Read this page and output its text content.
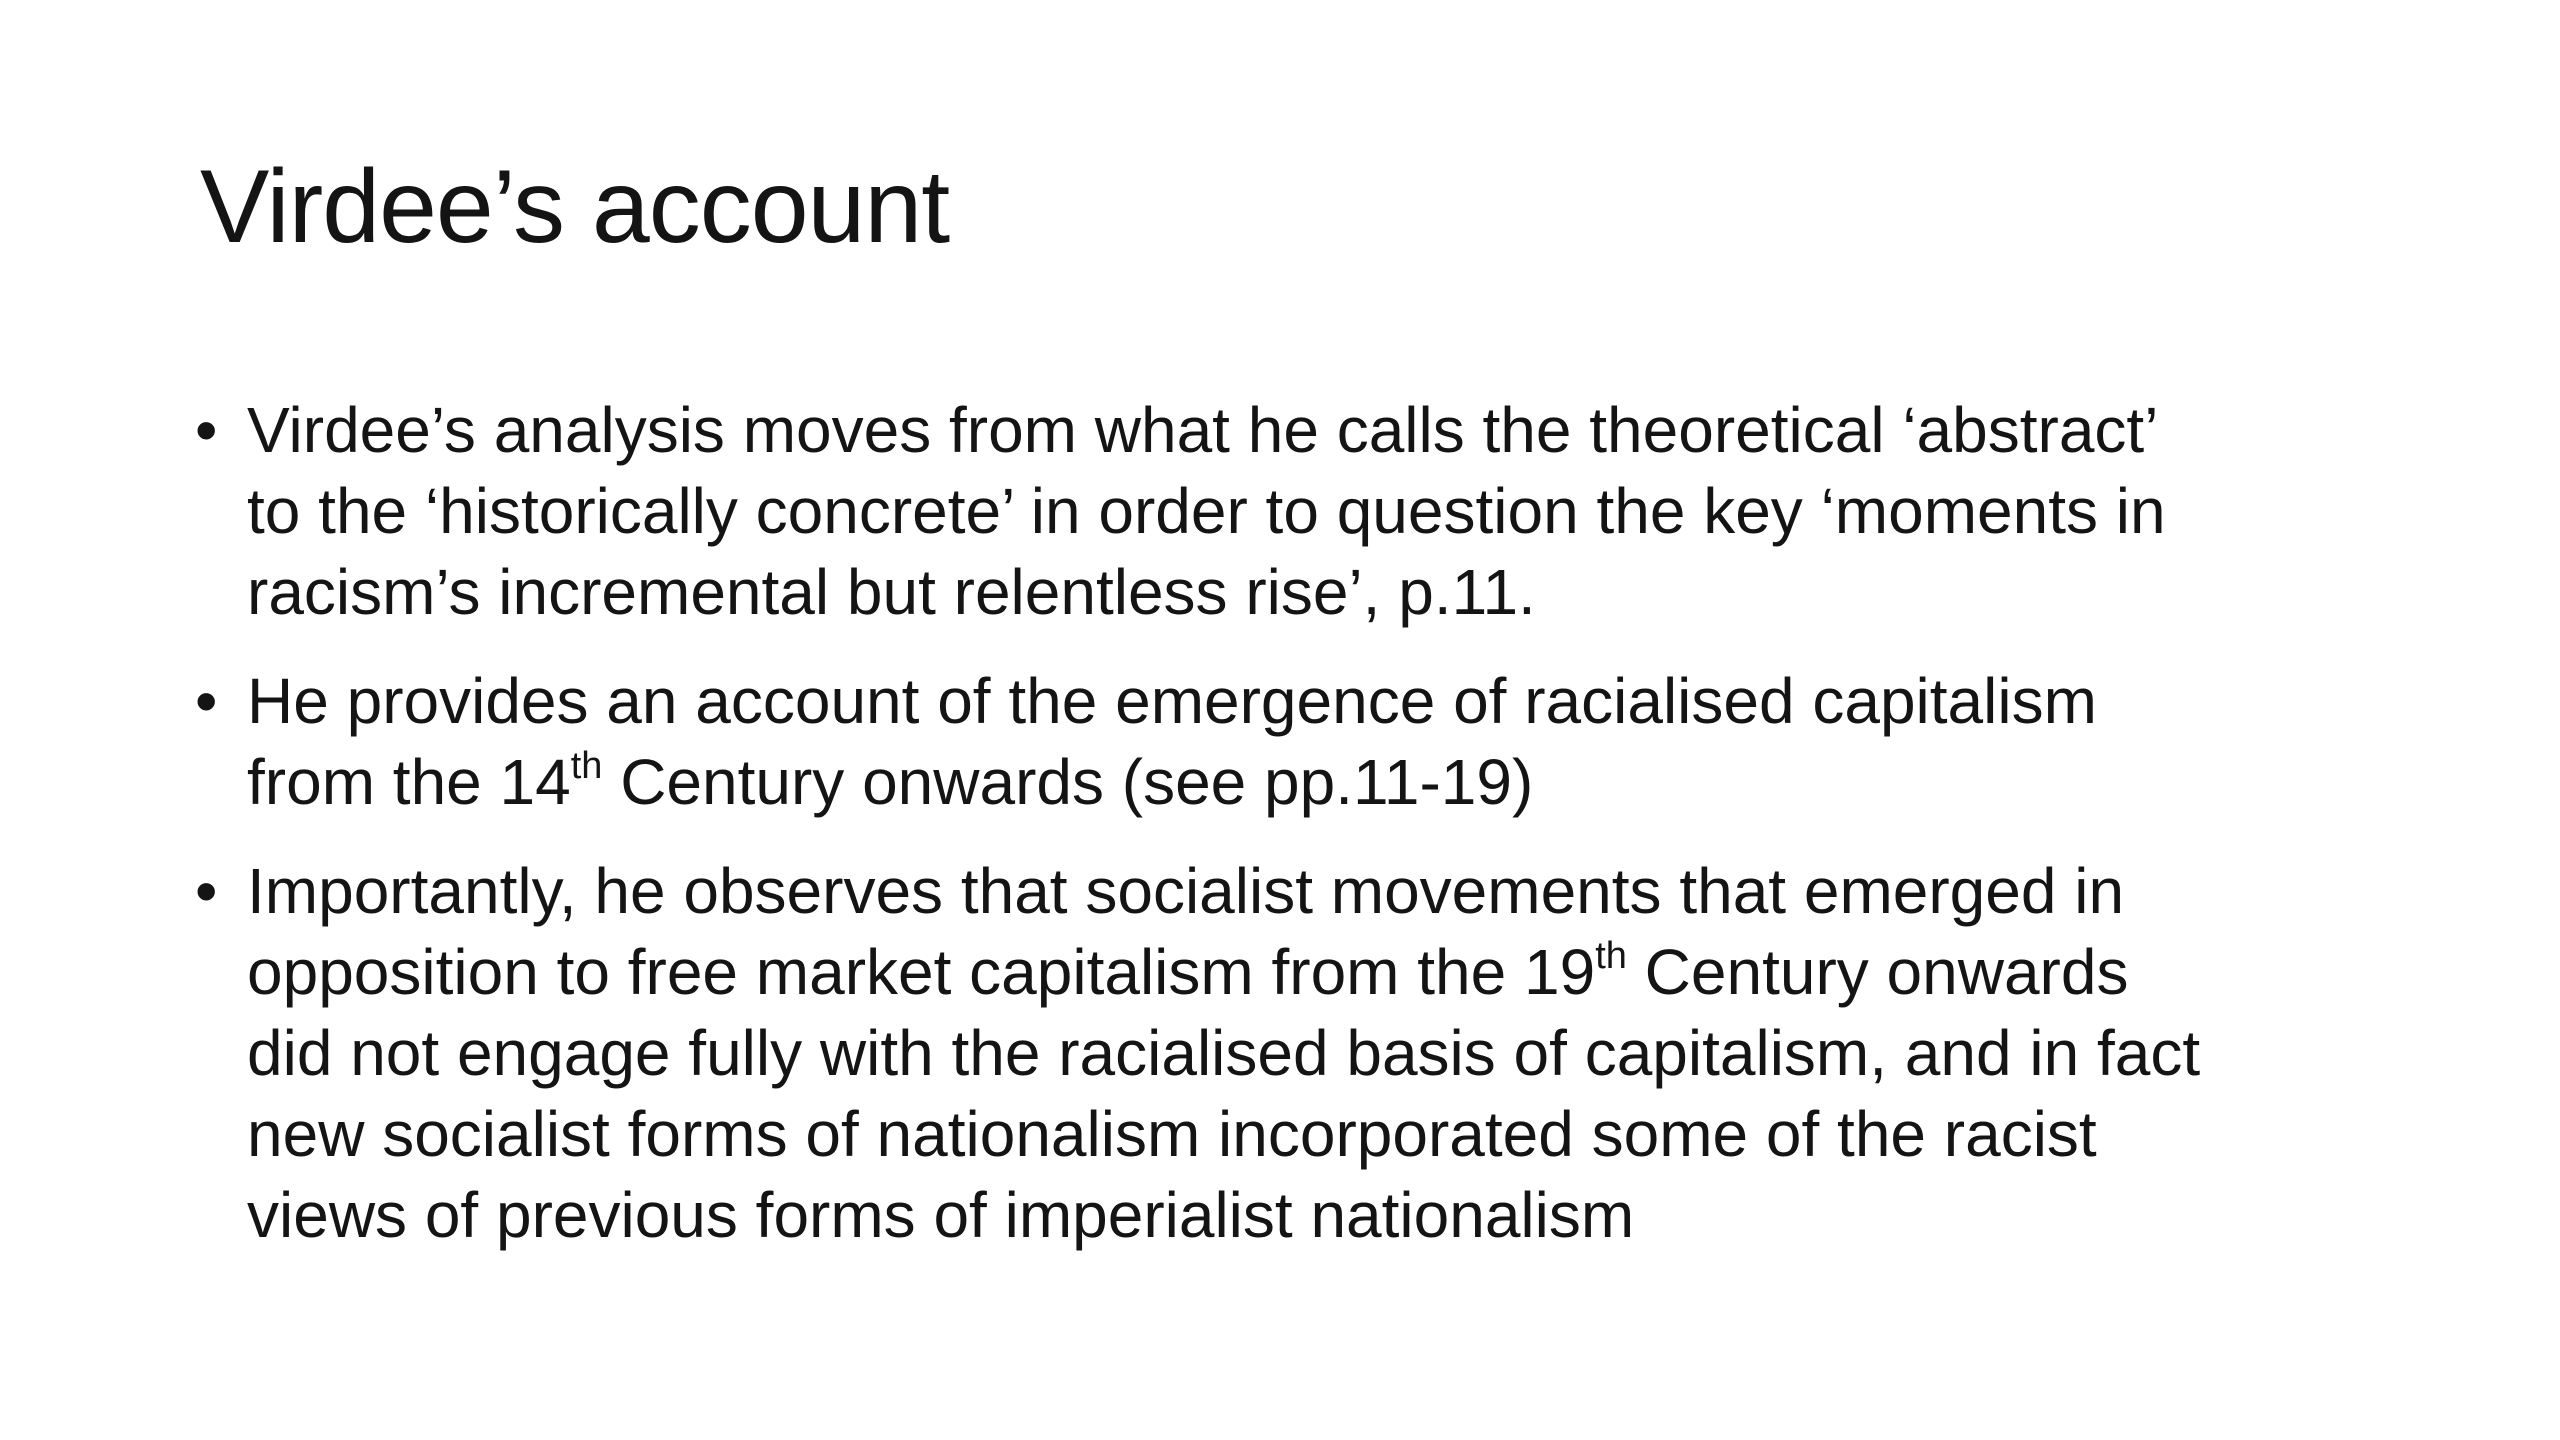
Virdee’s account
• Virdee’s analysis moves from what he calls the theoretical ‘abstract’
to the ‘historically concrete’ in order to question the key ‘moments in
racism’s incremental but relentless rise’, p.11.
• He provides an account of the emergence of racialised capitalism
from the 14th Century onwards (see pp.11-19)
• Importantly, he observes that socialist movements that emerged in
opposition to free market capitalism from the 19th Century onwards
did not engage fully with the racialised basis of capitalism, and in fact
new socialist forms of nationalism incorporated some of the racist
views of previous forms of imperialist nationalism
